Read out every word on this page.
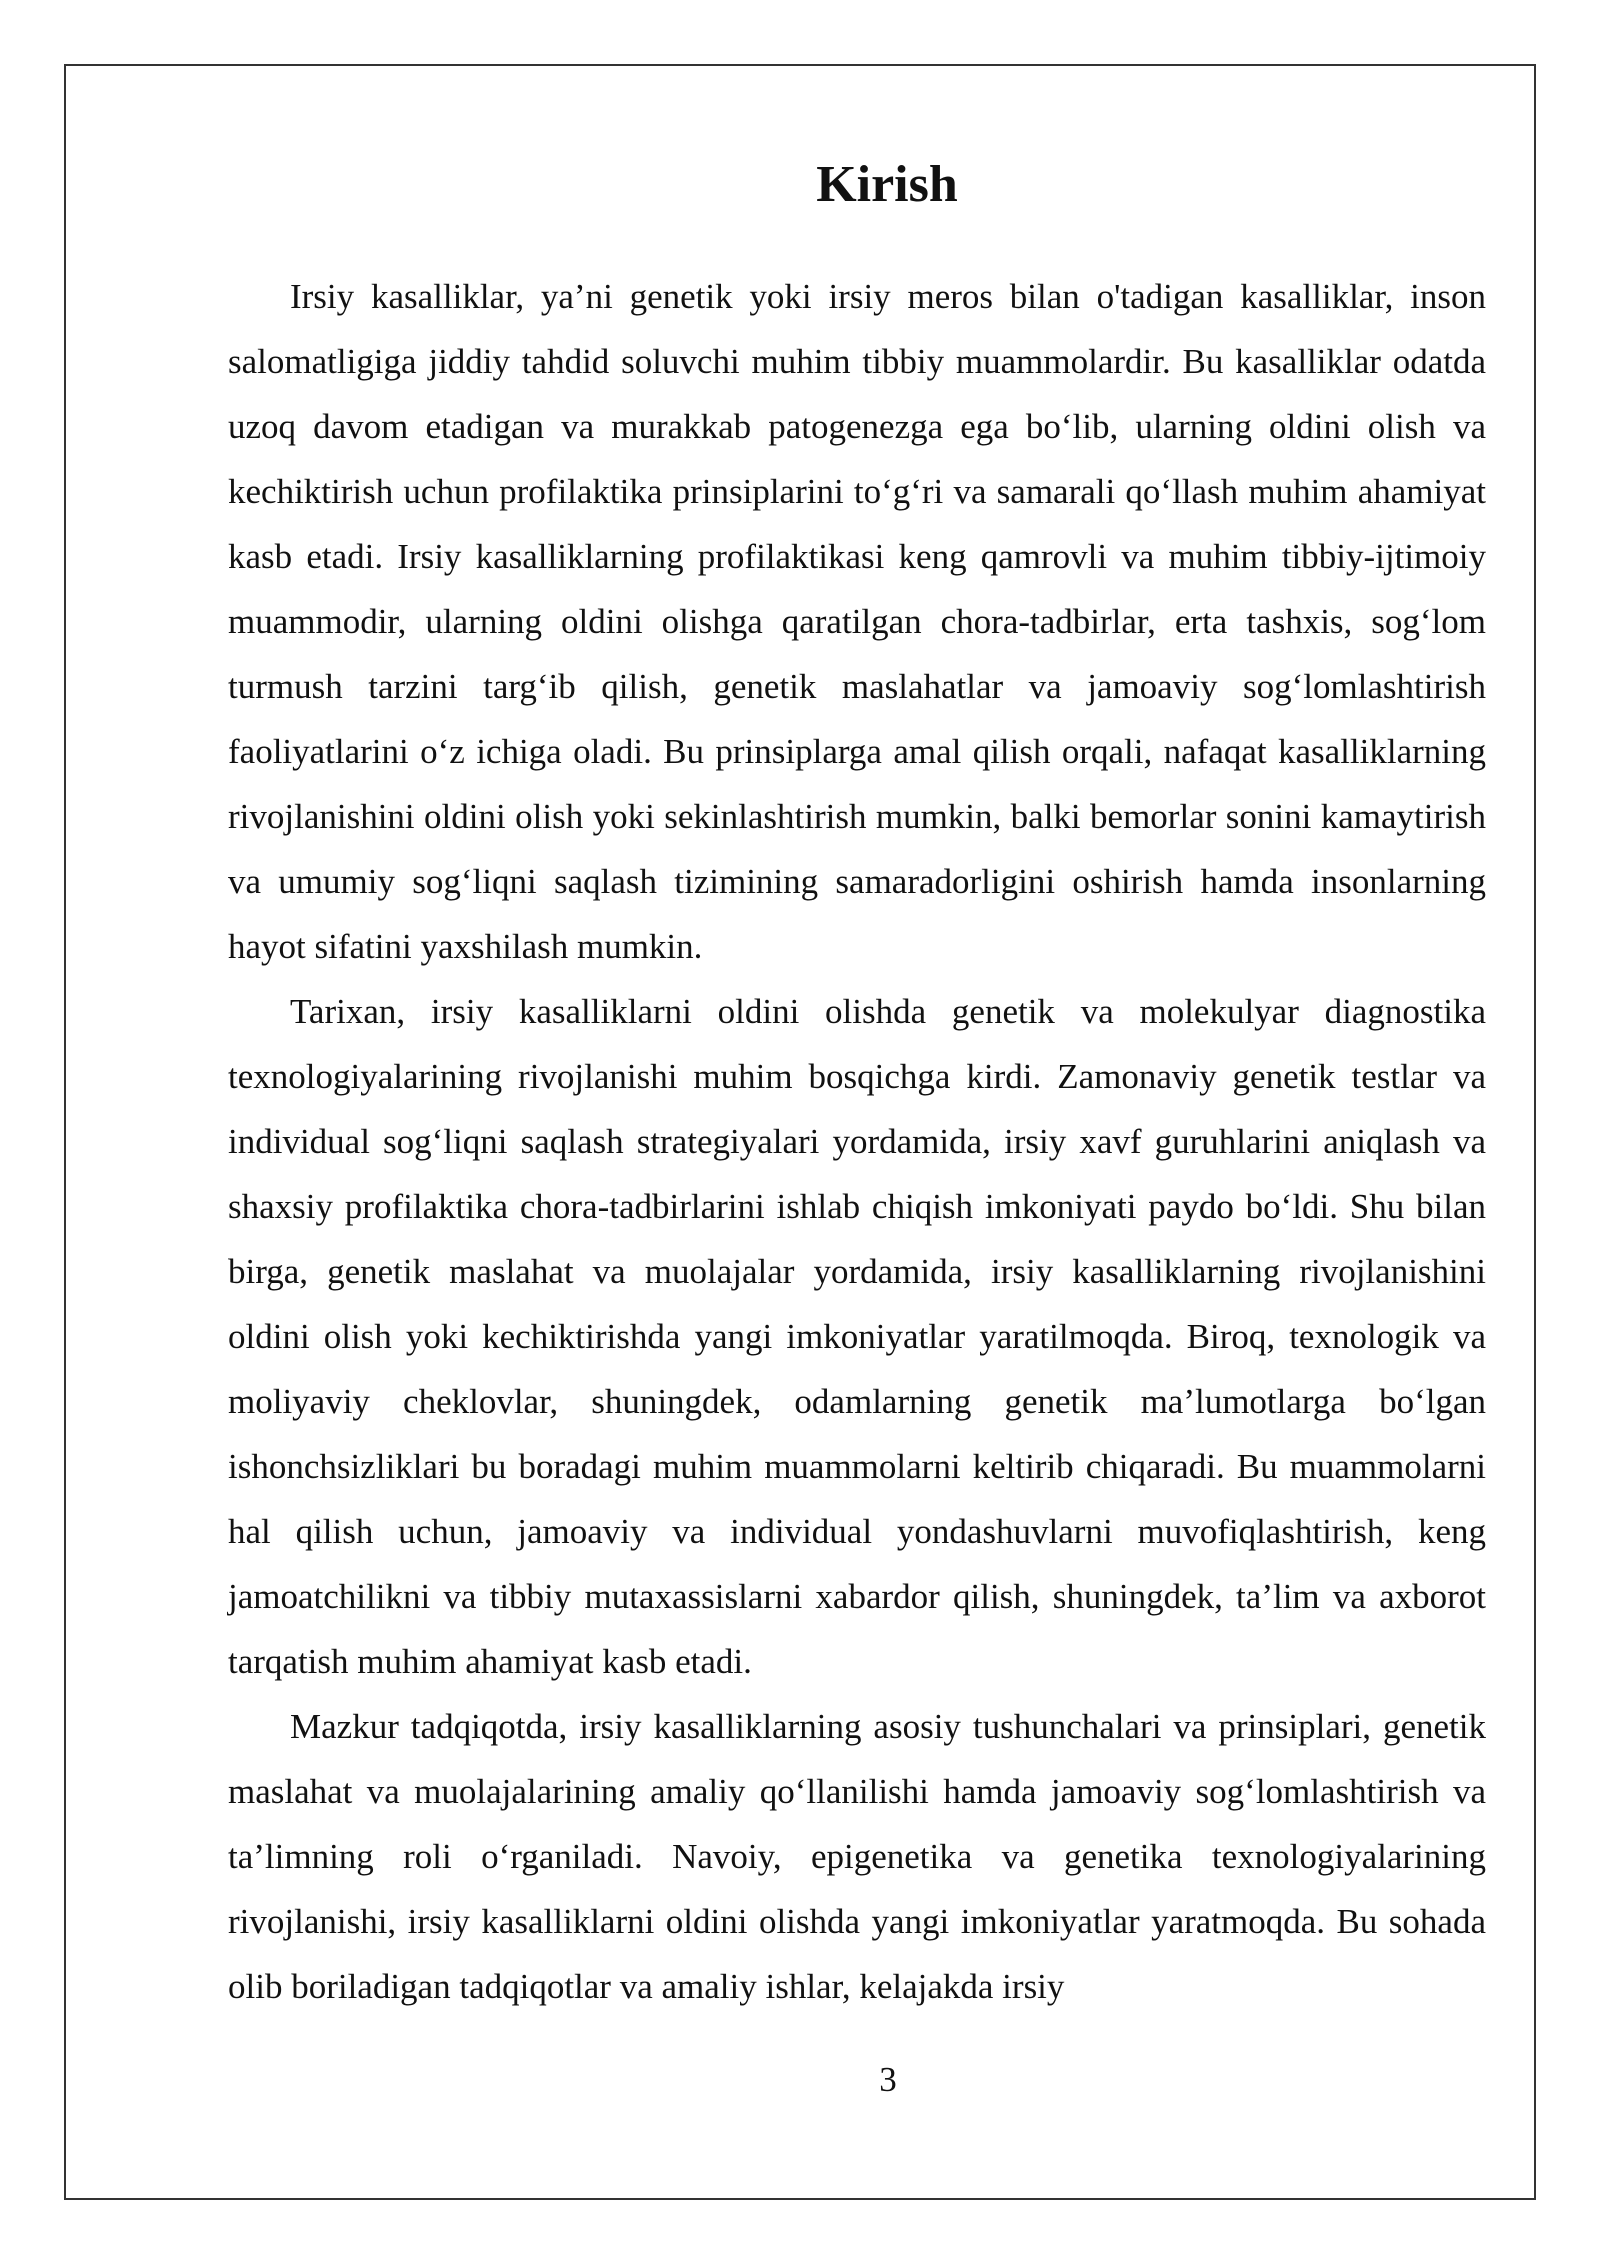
Kirish

Irsiy kasalliklar, ya’ni genetik yoki irsiy meros bilan o'tadigan kasalliklar, inson salomatligiga jiddiy tahdid soluvchi muhim tibbiy muammolardir. Bu kasalliklar odatda uzoq davom etadigan va murakkab patogenezga ega bo‘lib, ularning oldini olish va kechiktirish uchun profilaktika prinsiplarini to‘g‘ri va samarali qo‘llash muhim ahamiyat kasb etadi. Irsiy kasalliklarning profilaktikasi keng qamrovli va muhim tibbiy-ijtimoiy muammodir, ularning oldini olishga qaratilgan chora-tadbirlar, erta tashxis, sog‘lom turmush tarzini targ‘ib qilish, genetik maslahatlar va jamoaviy sog‘lomlashtirish faoliyatlarini o‘z ichiga oladi. Bu prinsiplarga amal qilish orqali, nafaqat kasalliklarning rivojlanishini oldini olish yoki sekinlashtirish mumkin, balki bemorlar sonini kamaytirish va umumiy sog‘liqni saqlash tizimining samaradorligini oshirish hamda insonlarning hayot sifatini yaxshilash mumkin.

Tarixan, irsiy kasalliklarni oldini olishda genetik va molekulyar diagnostika texnologiyalarining rivojlanishi muhim bosqichga kirdi. Zamonaviy genetik testlar va individual sog‘liqni saqlash strategiyalari yordamida, irsiy xavf guruhlarini aniqlash va shaxsiy profilaktika chora-tadbirlarini ishlab chiqish imkoniyati paydo bo‘ldi. Shu bilan birga, genetik maslahat va muolajalar yordamida, irsiy kasalliklarning rivojlanishini oldini olish yoki kechiktirishda yangi imkoniyatlar yaratilmoqda. Biroq, texnologik va moliyaviy cheklovlar, shuningdek, odamlarning genetik ma’lumotlarga bo‘lgan ishonchsizliklari bu boradagi muhim muammolarni keltirib chiqaradi. Bu muammolarni hal qilish uchun, jamoaviy va individual yondashuvlarni muvofiqlashtirish, keng jamoatchilikni va tibbiy mutaxassislarni xabardor qilish, shuningdek, ta’lim va axborot tarqatish muhim ahamiyat kasb etadi.

Mazkur tadqiqotda, irsiy kasalliklarning asosiy tushunchalari va prinsiplari, genetik maslahat va muolajalarining amaliy qo‘llanilishi hamda jamoaviy sog‘lomlashtirish va ta’limning roli o‘rganiladi. Navoiy, epigenetika va genetika texnologiyalarining rivojlanishi, irsiy kasalliklarni oldini olishda yangi imkoniyatlar yaratmoqda. Bu sohada olib boriladigan tadqiqotlar va amaliy ishlar, kelajakda irsiy

3
